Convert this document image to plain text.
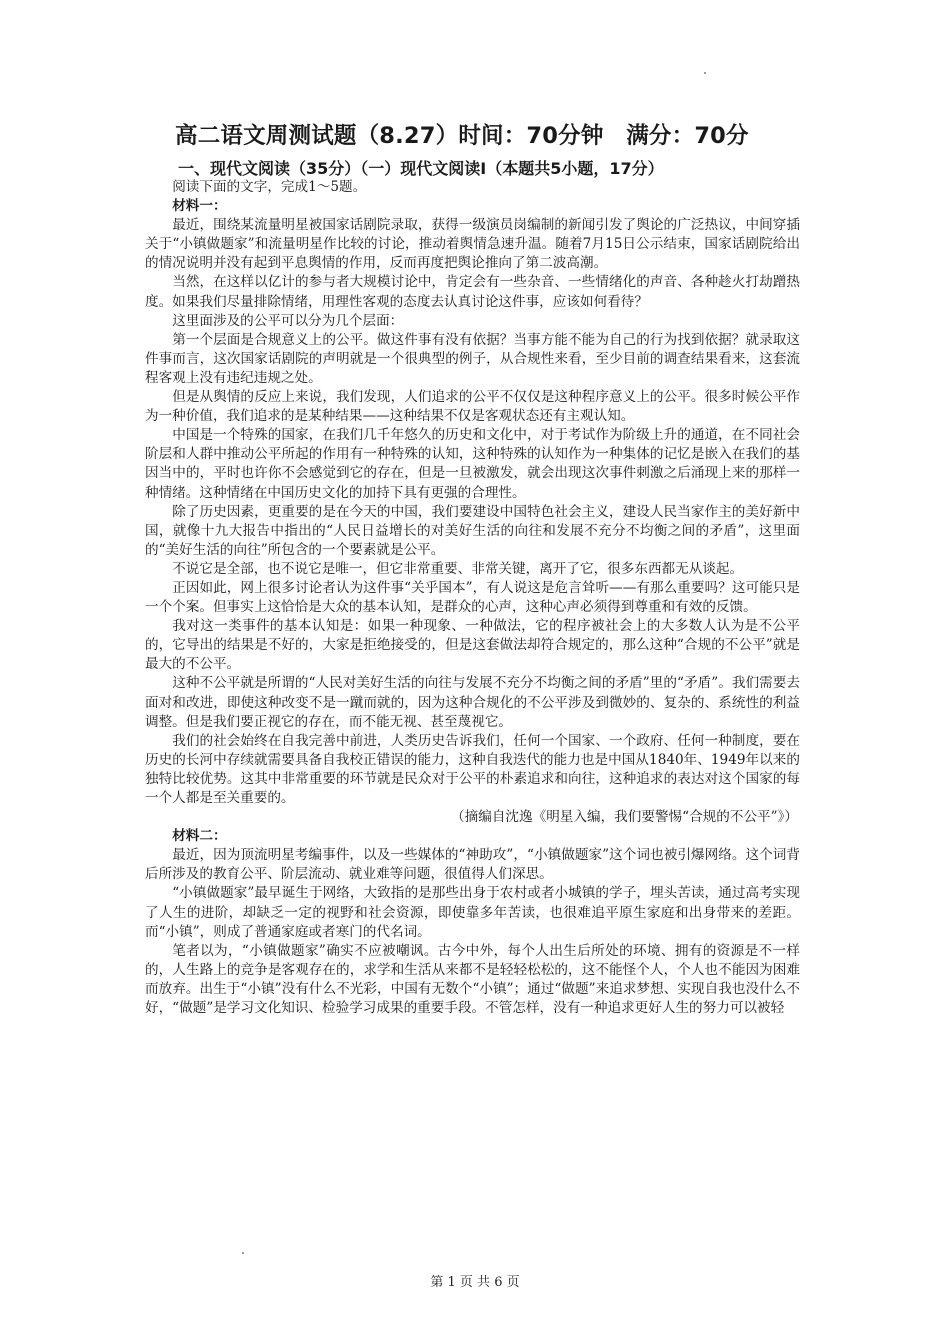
高二语文周测试题（8.27）时间：70分钟　满分：70分
一、现代文阅读（35分）（一）现代文阅读Ⅰ（本题共5小题，17分）

阅读下面的文字，完成1～5题。

材料一：

最近，围绕某流量明星被国家话剧院录取，获得一级演员岗编制的新闻引发了舆论的广泛热议，中间穿插关于“小镇做题家”和流量明星作比较的讨论，推动着舆情急速升温。随着7月15日公示结束，国家话剧院给出的情况说明并没有起到平息舆情的作用，反而再度把舆论推向了第二波高潮。

当然，在这样以亿计的参与者大规模讨论中，肯定会有一些杂音、一些情绪化的声音、各种趁火打劫蹭热度。如果我们尽量排除情绪，用理性客观的态度去认真讨论这件事，应该如何看待？

这里面涉及的公平可以分为几个层面：

第一个层面是合规意义上的公平。做这件事有没有依据？当事方能不能为自己的行为找到依据？就录取这件事而言，这次国家话剧院的声明就是一个很典型的例子，从合规性来看，至少目前的调查结果看来，这套流程客观上没有违纪违规之处。

但是从舆情的反应上来说，我们发现，人们追求的公平不仅仅是这种程序意义上的公平。很多时候公平作为一种价值，我们追求的是某种结果——这种结果不仅是客观状态还有主观认知。

中国是一个特殊的国家，在我们几千年悠久的历史和文化中，对于考试作为阶级上升的通道，在不同社会阶层和人群中推动公平所起的作用有一种特殊的认知，这种特殊的认知作为一种集体的记忆是嵌入在我们的基因当中的，平时也许你不会感觉到它的存在，但是一旦被激发，就会出现这次事件刺激之后涌现上来的那样一种情绪。这种情绪在中国历史文化的加持下具有更强的合理性。

除了历史因素，更重要的是在今天的中国，我们要建设中国特色社会主义，建设人民当家作主的美好新中国，就像十九大报告中指出的“人民日益增长的对美好生活的向往和发展不充分不均衡之间的矛盾”，这里面的“美好生活的向往”所包含的一个要素就是公平。

不说它是全部，也不说它是唯一，但它非常重要、非常关键，离开了它，很多东西都无从谈起。

正因如此，网上很多讨论者认为这件事“关乎国本”，有人说这是危言耸听——有那么重要吗？这可能只是一个个案。但事实上这恰恰是大众的基本认知，是群众的心声，这种心声必须得到尊重和有效的反馈。

我对这一类事件的基本认知是：如果一种现象、一种做法，它的程序被社会上的大多数人认为是不公平的，它导出的结果是不好的，大家是拒绝接受的，但是这套做法却符合规定的，那么这种“合规的不公平”就是最大的不公平。

这种不公平就是所谓的“人民对美好生活的向往与发展不充分不均衡之间的矛盾”里的“矛盾”。我们需要去面对和改进，即使这种改变不是一蹴而就的，因为这种合规化的不公平涉及到微妙的、复杂的、系统性的利益调整。但是我们要正视它的存在，而不能无视、甚至蔑视它。

我们的社会始终在自我完善中前进，人类历史告诉我们，任何一个国家、一个政府、任何一种制度，要在历史的长河中存续就需要具备自我校正错误的能力，这种自我迭代的能力也是中国从1840年、1949年以来的独特比较优势。这其中非常重要的环节就是民众对于公平的朴素追求和向往，这种追求的表达对这个国家的每一个人都是至关重要的。

（摘编自沈逸《明星入编，我们要警惕“合规的不公平”》）
材料二：

最近，因为顶流明星考编事件，以及一些媒体的“神助攻”，“小镇做题家”这个词也被引爆网络。这个词背后所涉及的教育公平、阶层流动、就业难等问题，很值得人们深思。

“小镇做题家”最早诞生于网络，大致指的是那些出身于农村或者小城镇的学子，埋头苦读，通过高考实现了人生的进阶，却缺乏一定的视野和社会资源，即使靠多年苦读，也很难追平原生家庭和出身带来的差距。而“小镇”，则成了普通家庭或者寒门的代名词。

笔者以为，“小镇做题家”确实不应被嘲讽。古今中外，每个人出生后所处的环境、拥有的资源是不一样的，人生路上的竞争是客观存在的，求学和生活从来都不是轻轻松松的，这不能怪个人，个人也不能因为困难而放弃。出生于“小镇”没有什么不光彩，中国有无数个“小镇”；通过“做题”来追求梦想、实现自我也没什么不好，“做题”是学习文化知识、检验学习成果的重要手段。不管怎样，没有一种追求更好人生的努力可以被轻

第 1 页 共 6 页
